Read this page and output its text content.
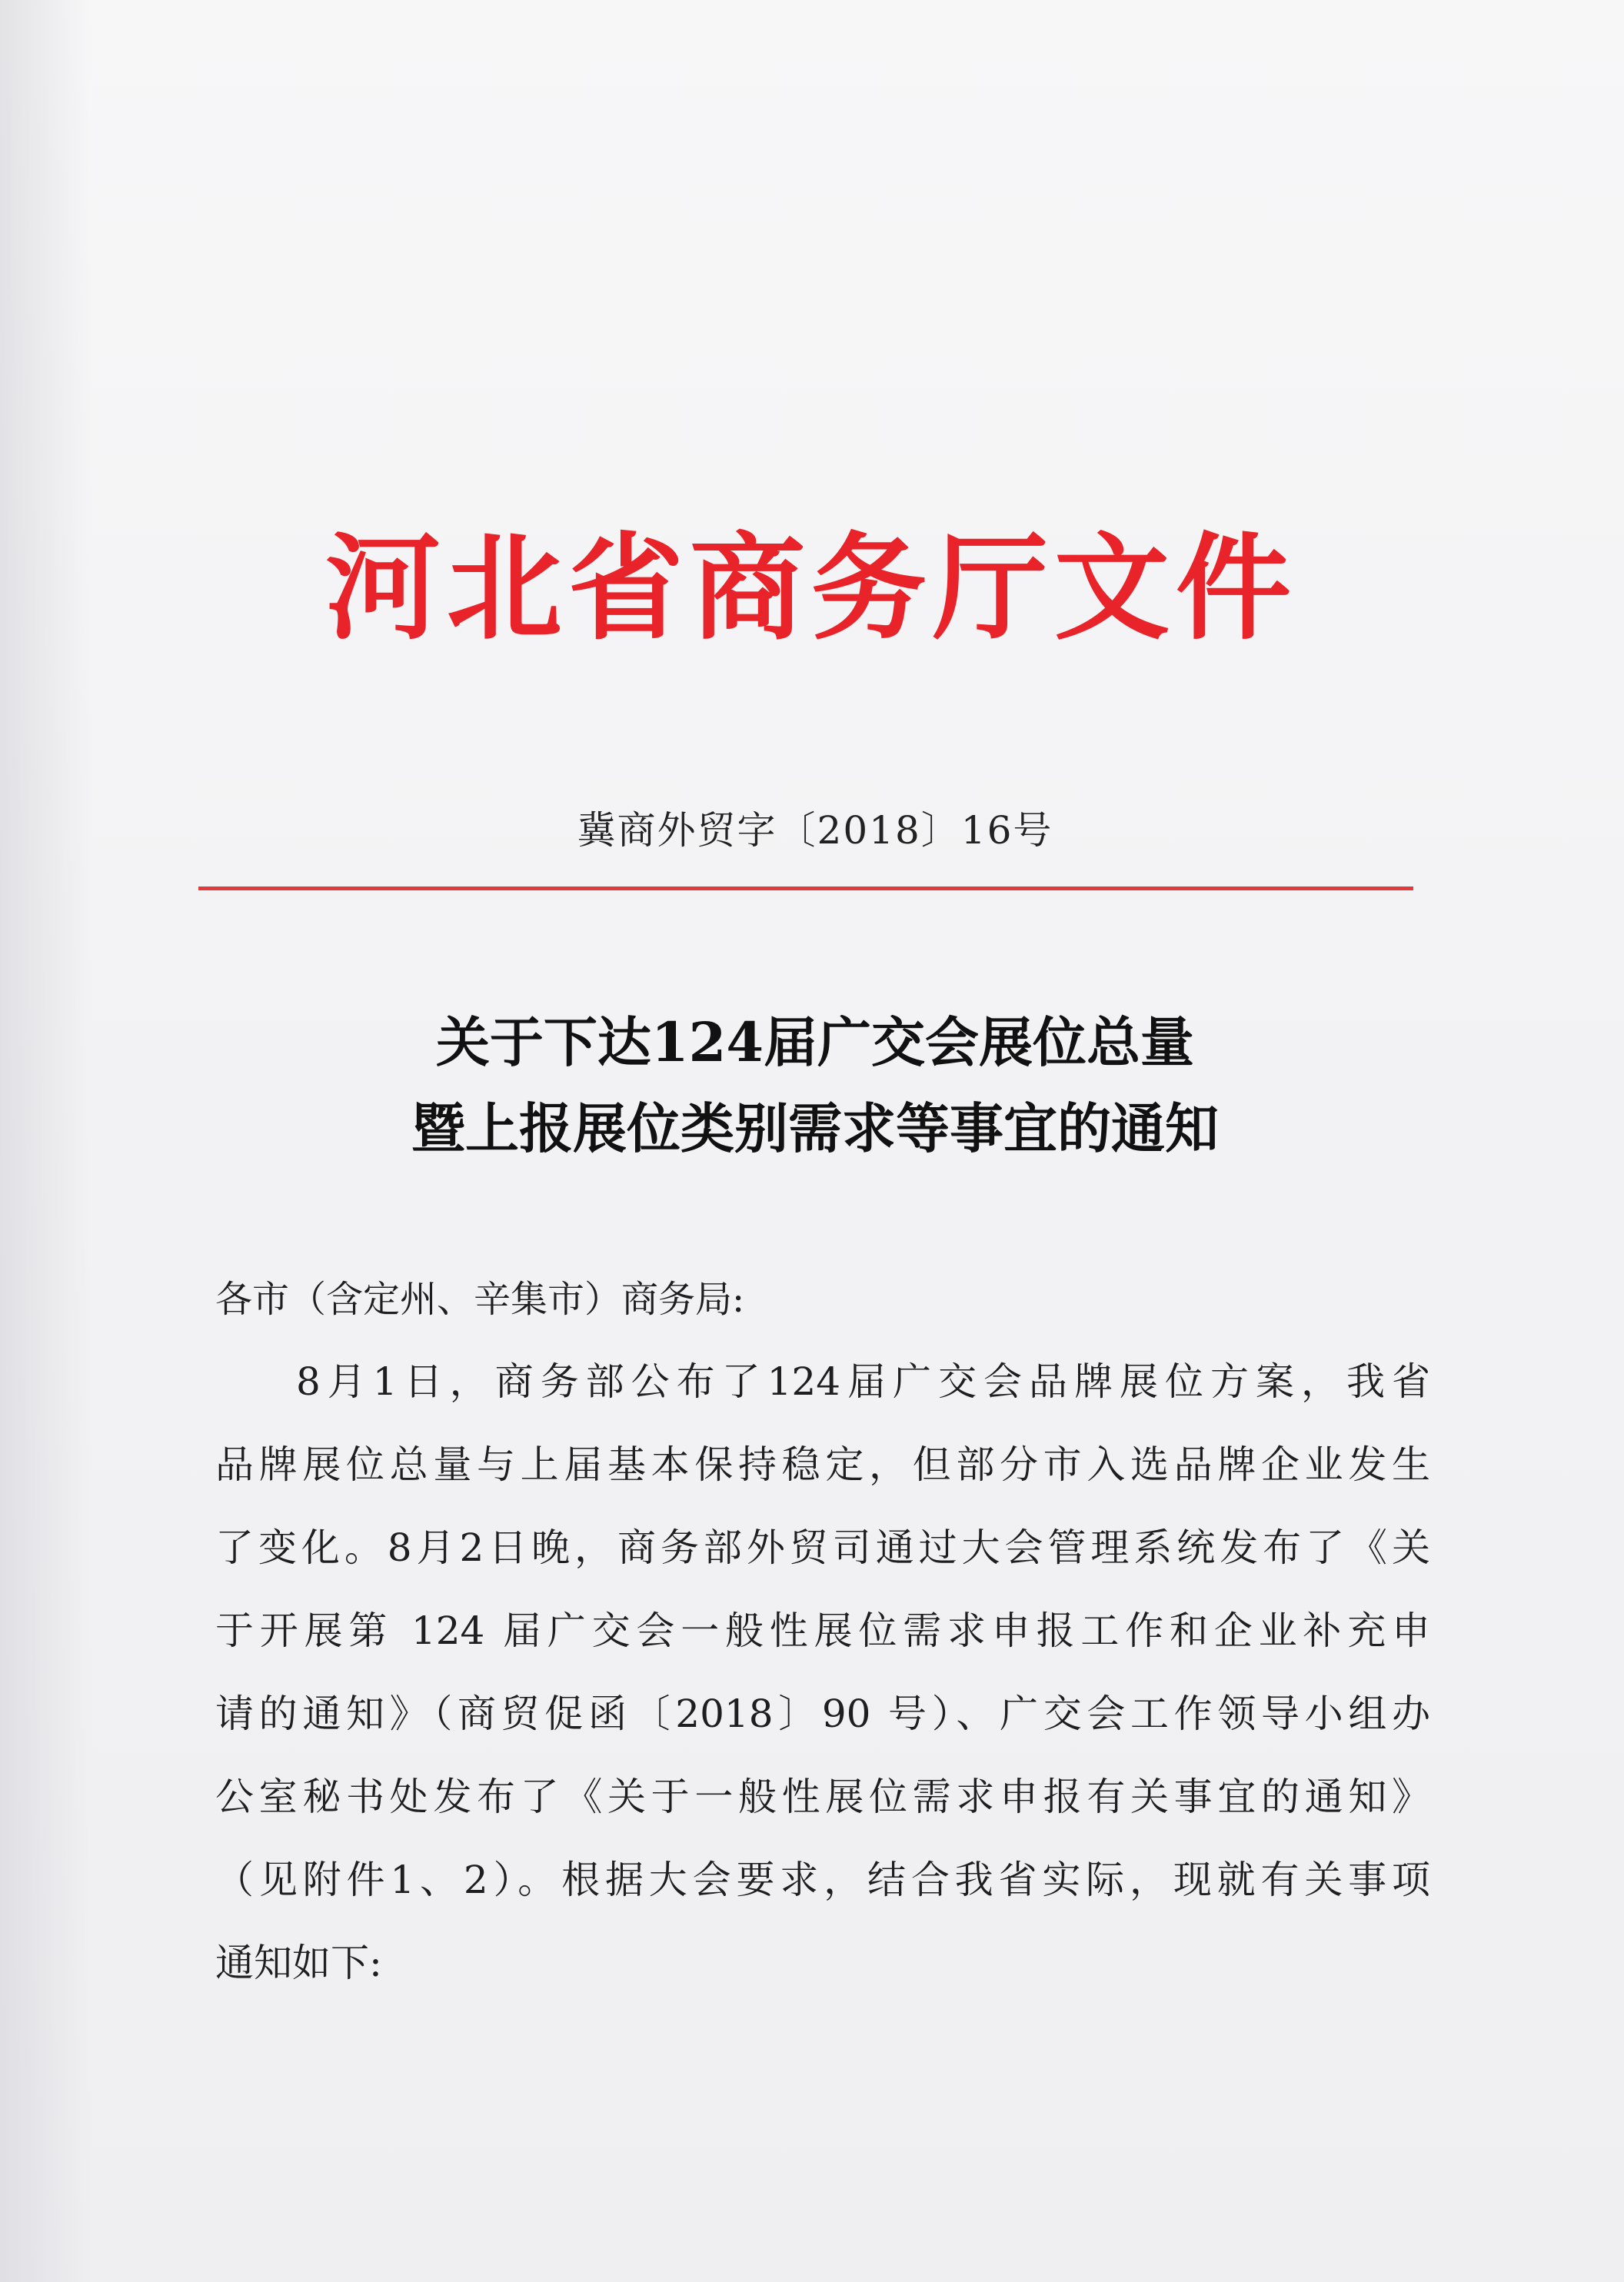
河北省商务厅文件
冀商外贸字〔2018〕16号
关于下达124届广交会展位总量
暨上报展位类别需求等事宜的通知
各市（含定州、辛集市）商务局:
8月1日，商务部公布了124届广交会品牌展位方案，我省
品牌展位总量与上届基本保持稳定，但部分市入选品牌企业发生
了变化。8月2日晚，商务部外贸司通过大会管理系统发布了《关
于开展第 124 届广交会一般性展位需求申报工作和企业补充申
请的通知》（商贸促函〔2018〕90 号）、广交会工作领导小组办
公室秘书处发布了《关于一般性展位需求申报有关事宜的通知》
（见附件1、2）。根据大会要求，结合我省实际，现就有关事项
通知如下:
